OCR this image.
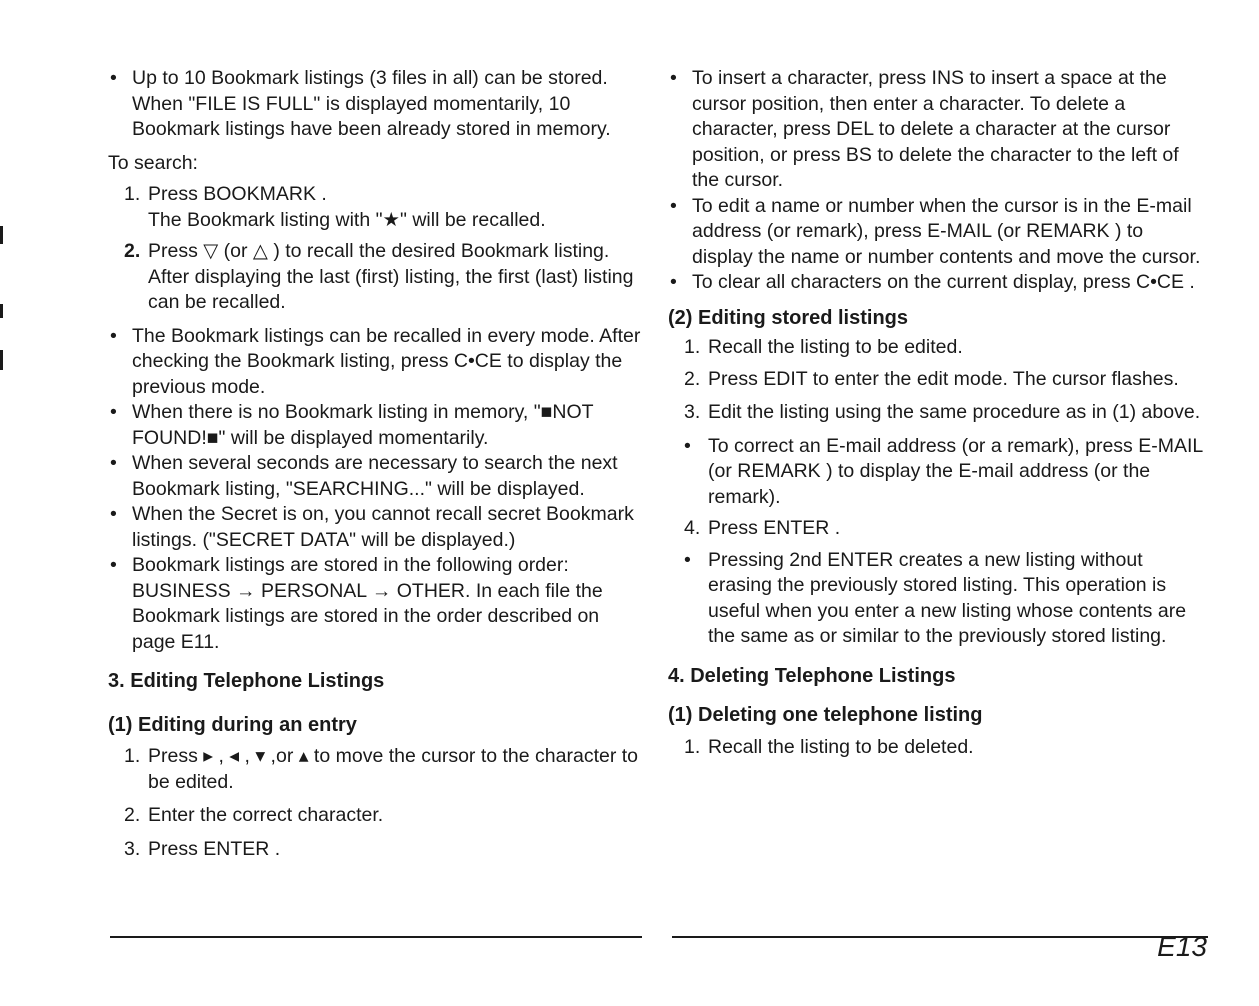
• Up to 10 Bookmark listings (3 files in all) can be stored. When "FILE IS FULL" is displayed momentarily, 10 Bookmark listings have been already stored in memory.

To search:

1. Press BOOKMARK .
The Bookmark listing with "★" will be recalled.
2. Press ▽ (or △ ) to recall the desired Bookmark listing. After displaying the last (first) listing, the first (last) listing can be recalled.
• The Bookmark listings can be recalled in every mode. After checking the Bookmark listing, press C•CE to display the previous mode.
• When there is no Bookmark listing in memory, "■NOT FOUND!■" will be displayed momentarily.
• When several seconds are necessary to search the next Bookmark listing, "SEARCHING..." will be displayed.
• When the Secret is on, you cannot recall secret Bookmark listings. ("SECRET DATA" will be displayed.)
• Bookmark listings are stored in the following order: BUSINESS → PERSONAL → OTHER. In each file the Bookmark listings are stored in the order described on page E11.

3. Editing Telephone Listings

(1) Editing during an entry

1. Press ▸ , ◂ , ▾ ,or ▴ to move the cursor to the character to be edited.
2. Enter the correct character.
3. Press ENTER .
• To insert a character, press INS to insert a space at the cursor position, then enter a character. To delete a character, press DEL to delete a character at the cursor position, or press BS to delete the character to the left of the cursor.
• To edit a name or number when the cursor is in the E-mail address (or remark), press E-MAIL (or REMARK ) to display the name or number contents and move the cursor.
• To clear all characters on the current display, press C•CE .

(2) Editing stored listings

1. Recall the listing to be edited.
2. Press EDIT to enter the edit mode. The cursor flashes.
3. Edit the listing using the same procedure as in (1) above.
• To correct an E-mail address (or a remark), press E-MAIL (or REMARK ) to display the E-mail address (or the remark).
4. Press ENTER .
• Pressing 2nd ENTER creates a new listing without erasing the previously stored listing. This operation is useful when you enter a new listing whose contents are the same as or similar to the previously stored listing.

4. Deleting Telephone Listings

(1) Deleting one telephone listing

1. Recall the listing to be deleted.
E13
